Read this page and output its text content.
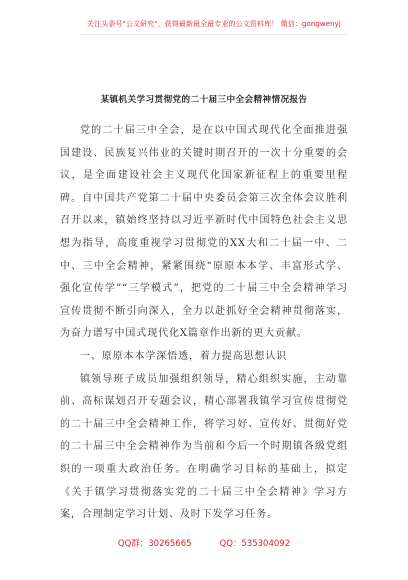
关注头条号"公文研究"，获得最新最全最专业的公文资料库！ 微信：gongwenyj
某镇机关学习贯彻党的二十届三中全会精神情况报告

党的二十届三中全会，是在以中国式现代化全面推进强国建设、民族复兴伟业的关键时期召开的一次十分重要的会议，是全面建设社会主义现代化国家新征程上的重要里程碑。自中国共产党第二十届中央委员会第三次全体会议胜利召开以来，镇始终坚持以习近平新时代中国特色社会主义思想为指导，高度重视学习贯彻党的XX大和二十届一中、二中、三中全会精神，紧紧围绕“原原本本学、丰富形式学、强化宣传学”“三学模式”，把党的二十届三中全会精神学习宣传贯彻不断引向深入，全力以赴抓好全会精神贯彻落实，为奋力谱写中国式现代化X篇章作出新的更大贡献。

一、原原本本学深悟透，着力提高思想认识

镇领导班子成员加强组织领导，精心组织实施，主动靠前、高标谋划召开专题会议，精心部署我镇学习宣传贯彻党的二十届三中全会精神工作，将学习好、宣传好、贯彻好党的二十届三中全会精神作为当前和今后一个时期镇各级党组织的一项重大政治任务。在明确学习目标的基础上，拟定《关于镇学习贯彻落实党的二十届三中全会精神》学习方案，合理制定学习计划、及时下发学习任务。

QQ群：30265665	QQ：535304092
